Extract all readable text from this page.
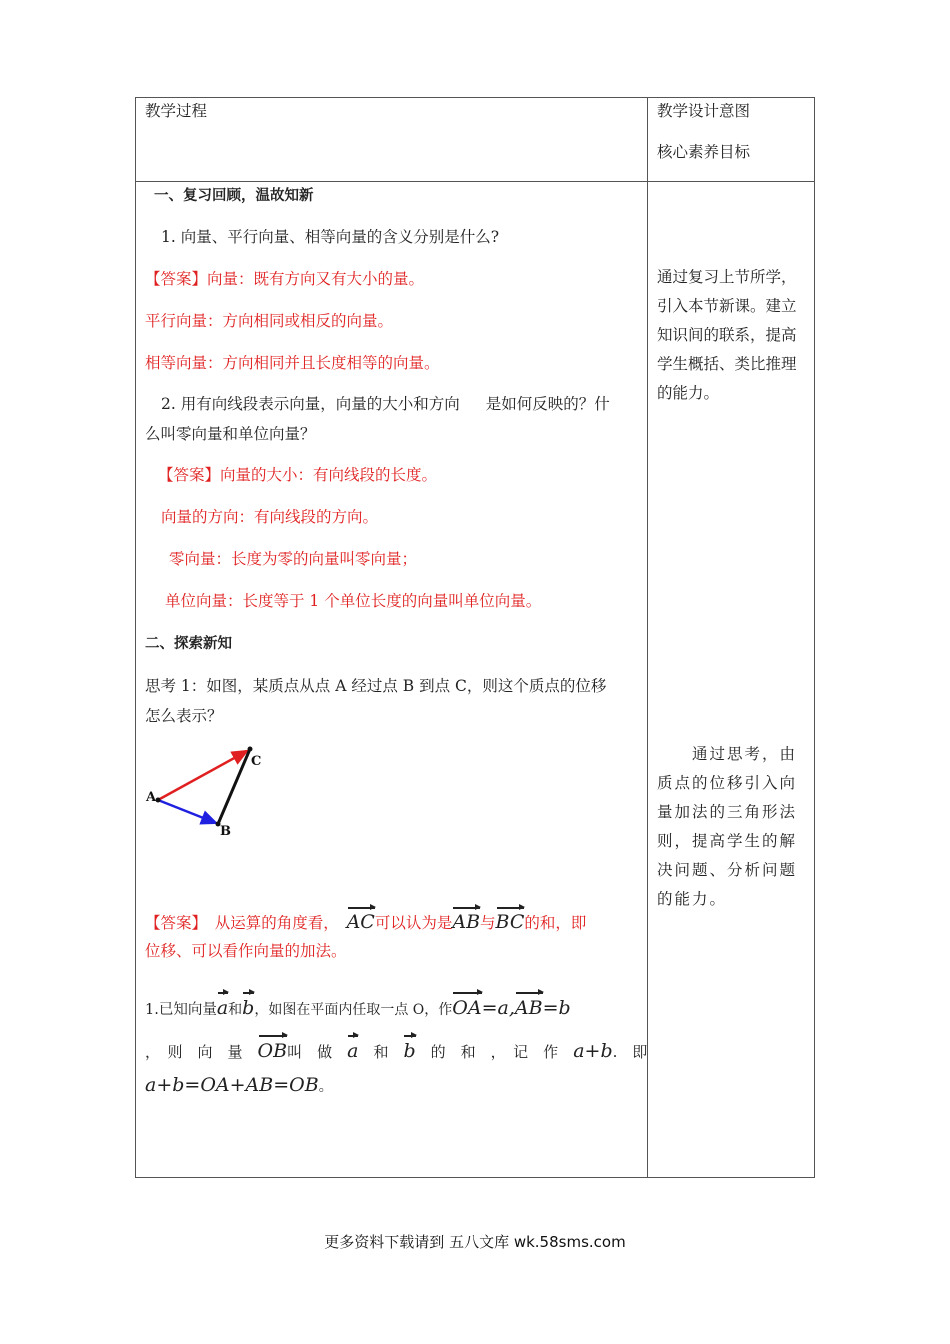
教学过程	教学设计意图
核心素养目标
一、复习回顾，温故知新
1. 向量、平行向量、相等向量的含义分别是什么?
【答案】向量：既有方向又有大小的量。
平行向量：方向相同或相反的向量。
相等向量：方向相同并且长度相等的向量。
2. 用有向线段表示向量，向量的大小和方向 是如何反映的？什
么叫零向量和单位向量？
【答案】向量的大小：有向线段的长度。
向量的方向：有向线段的方向。
零向量：长度为零的向量叫零向量；
单位向量：长度等于 1 个单位长度的向量叫单位向量。
二、探索新知
思考 1：如图，某质点从点 A 经过点 B 到点 C，则这个质点的位移
怎么表示？
A
B
C
【答案】　 从运算的角度看，　 AC可以认为是AB与BC的和，即
位移、可以看作向量的加法。
1.已知向量a和b，如图在平面内任取一点 O，作OA=a,AB=b
，　则　向　量　 OB叫　做　 a　 和　 b　 的　和　，　记　作　 a+b.　即
a+b=OA+AB=OB。
通过复习上节所学，引入本节新课。建立知识间的联系，提高学生概括、类比推理的能力。
　　通过思考，由质点的位移引入向量加法的三角形法则，提高学生的解决问题、分析问题的能力。
更多资料下载请到 五八文库 wk.58sms.com
